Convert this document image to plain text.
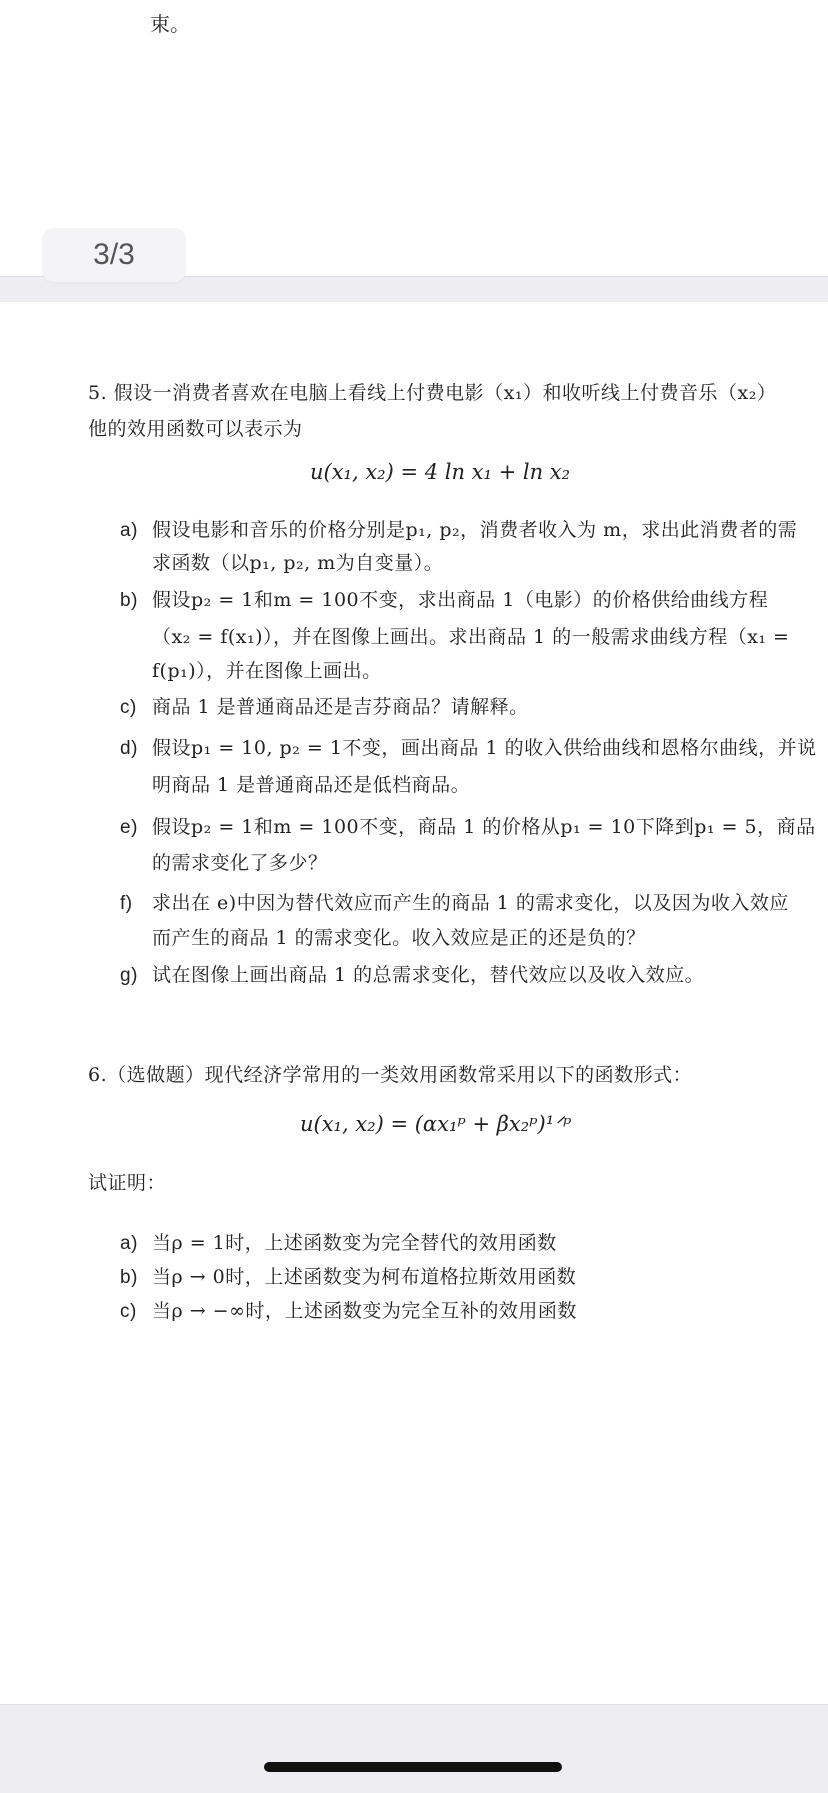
束。
3/3
5. 假设一消费者喜欢在电脑上看线上付费电影（x₁）和收听线上付费音乐（x₂）
他的效用函数可以表示为
u(x₁, x₂) = 4 ln x₁ + ln x₂
a) 假设电影和音乐的价格分别是p₁, p₂，消费者收入为 m，求出此消费者的需
求函数（以p₁, p₂, m为自变量）。
b) 假设p₂ = 1和m = 100不变，求出商品 1（电影）的价格供给曲线方程
（x₂ = f(x₁)），并在图像上画出。求出商品 1 的一般需求曲线方程（x₁ =
f(p₁)），并在图像上画出。
c) 商品 1 是普通商品还是吉芬商品？请解释。
d) 假设p₁ = 10, p₂ = 1不变，画出商品 1 的收入供给曲线和恩格尔曲线，并说
明商品 1 是普通商品还是低档商品。
e) 假设p₂ = 1和m = 100不变，商品 1 的价格从p₁ = 10下降到p₁ = 5，商品
的需求变化了多少？
f) 求出在 e)中因为替代效应而产生的商品 1 的需求变化，以及因为收入效应
而产生的商品 1 的需求变化。收入效应是正的还是负的？
g) 试在图像上画出商品 1 的总需求变化，替代效应以及收入效应。
6.（选做题）现代经济学常用的一类效用函数常采用以下的函数形式：
u(x₁, x₂) = (αx₁ᵖ + βx₂ᵖ)¹ᐟᵖ
试证明：
a) 当ρ = 1时，上述函数变为完全替代的效用函数
b) 当ρ → 0时，上述函数变为柯布道格拉斯效用函数
c) 当ρ → −∞时，上述函数变为完全互补的效用函数
